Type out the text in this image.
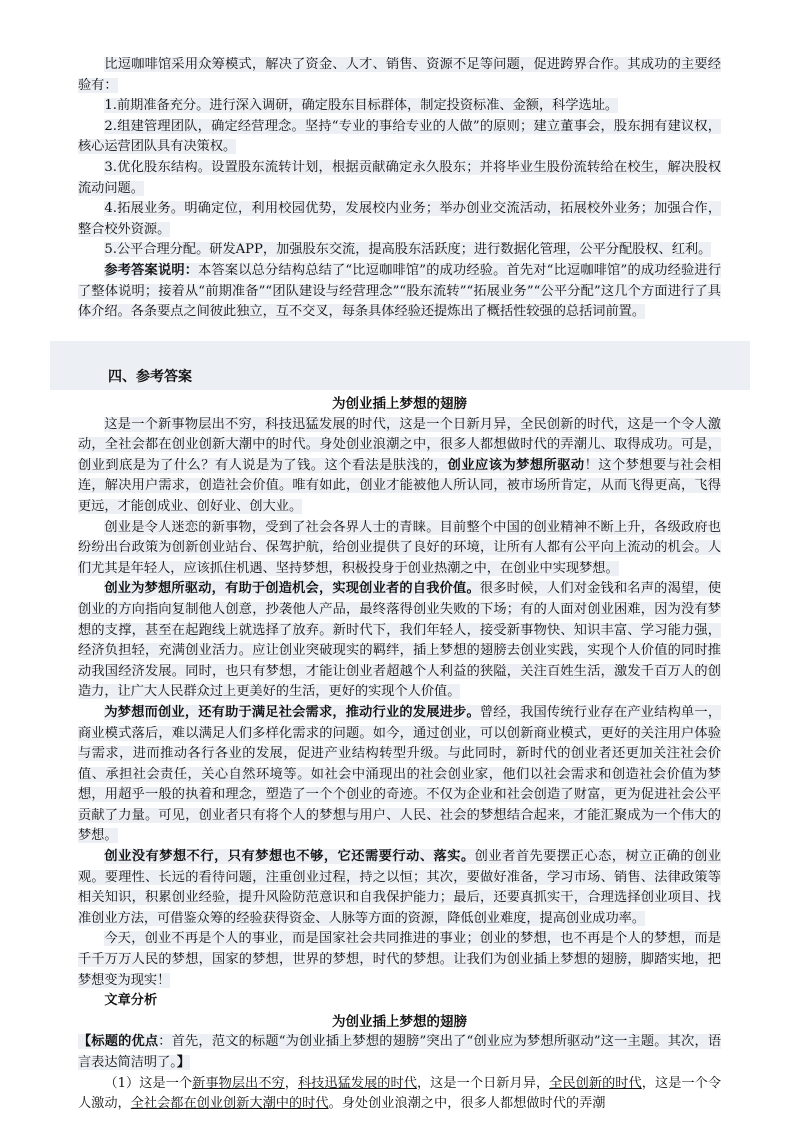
比逗咖啡馆采用众筹模式，解决了资金、人才、销售、资源不足等问题，促进跨界合作。其成功的主要经验有：

1.前期准备充分。进行深入调研，确定股东目标群体，制定投资标准、金额，科学选址。

2.组建管理团队，确定经营理念。坚持“专业的事给专业的人做”的原则；建立董事会，股东拥有建议权，核心运营团队具有决策权。

3.优化股东结构。设置股东流转计划，根据贡献确定永久股东；并将毕业生股份流转给在校生，解决股权流动问题。

4.拓展业务。明确定位，利用校园优势，发展校内业务；举办创业交流活动，拓展校外业务；加强合作，整合校外资源。

5.公平合理分配。研发APP，加强股东交流，提高股东活跃度；进行数据化管理，公平分配股权、红利。

参考答案说明：本答案以总分结构总结了“比逗咖啡馆”的成功经验。首先对“比逗咖啡馆”的成功经验进行了整体说明；接着从“前期准备”“团队建设与经营理念”“股东流转”“拓展业务”“公平分配”这几个方面进行了具体介绍。各条要点之间彼此独立，互不交叉，每条具体经验还提炼出了概括性较强的总括词前置。

四、参考答案
为创业插上梦想的翅膀

这是一个新事物层出不穷，科技迅猛发展的时代，这是一个日新月异，全民创新的时代，这是一个令人激动，全社会都在创业创新大潮中的时代。身处创业浪潮之中，很多人都想做时代的弄潮儿、取得成功。可是，创业到底是为了什么？有人说是为了钱。这个看法是肤浅的，创业应该为梦想所驱动！这个梦想要与社会相连，解决用户需求，创造社会价值。唯有如此，创业才能被他人所认同，被市场所肯定，从而飞得更高，飞得更远，才能创成业、创好业、创大业。

创业是令人迷恋的新事物，受到了社会各界人士的青睐。目前整个中国的创业精神不断上升，各级政府也纷纷出台政策为创新创业站台、保驾护航，给创业提供了良好的环境，让所有人都有公平向上流动的机会。人们尤其是年轻人，应该抓住机遇、坚持梦想，积极投身于创业热潮之中，在创业中实现梦想。

创业为梦想所驱动，有助于创造机会，实现创业者的自我价值。很多时候，人们对金钱和名声的渴望，使创业的方向指向复制他人创意，抄袭他人产品，最终落得创业失败的下场；有的人面对创业困难，因为没有梦想的支撑，甚至在起跑线上就选择了放弃。新时代下，我们年轻人，接受新事物快、知识丰富、学习能力强，经济负担轻，充满创业活力。应让创业突破现实的羁绊，插上梦想的翅膀去创业实践，实现个人价值的同时推动我国经济发展。同时，也只有梦想，才能让创业者超越个人利益的狭隘，关注百姓生活，激发千百万人的创造力，让广大人民群众过上更美好的生活，更好的实现个人价值。

为梦想而创业，还有助于满足社会需求，推动行业的发展进步。曾经，我国传统行业存在产业结构单一，商业模式落后，难以满足人们多样化需求的问题。如今，通过创业，可以创新商业模式，更好的关注用户体验与需求，进而推动各行各业的发展，促进产业结构转型升级。与此同时，新时代的创业者还更加关注社会价值、承担社会责任，关心自然环境等。如社会中涌现出的社会创业家，他们以社会需求和创造社会价值为梦想，用超乎一般的执着和理念，塑造了一个个创业的奇迹。不仅为企业和社会创造了财富，更为促进社会公平贡献了力量。可见，创业者只有将个人的梦想与用户、人民、社会的梦想结合起来，才能汇聚成为一个伟大的梦想。

创业没有梦想不行，只有梦想也不够，它还需要行动、落实。创业者首先要摆正心态，树立正确的创业观。要理性、长远的看待问题，注重创业过程，持之以恒；其次，要做好准备，学习市场、销售、法律政策等相关知识，积累创业经验，提升风险防范意识和自我保护能力；最后，还要真抓实干，合理选择创业项目、找准创业方法，可借鉴众筹的经验获得资金、人脉等方面的资源，降低创业难度，提高创业成功率。

今天，创业不再是个人的事业，而是国家社会共同推进的事业；创业的梦想，也不再是个人的梦想，而是千千万万人民的梦想，国家的梦想，世界的梦想，时代的梦想。让我们为创业插上梦想的翅膀，脚踏实地，把梦想变为现实！

文章分析

为创业插上梦想的翅膀

【标题的优点：首先，范文的标题“为创业插上梦想的翅膀”突出了“创业应为梦想所驱动”这一主题。其次，语言表达简洁明了。】

（1）这是一个新事物层出不穷，科技迅猛发展的时代，这是一个日新月异，全民创新的时代，这是一个令人激动，全社会都在创业创新大潮中的时代。身处创业浪潮之中，很多人都想做时代的弄潮
